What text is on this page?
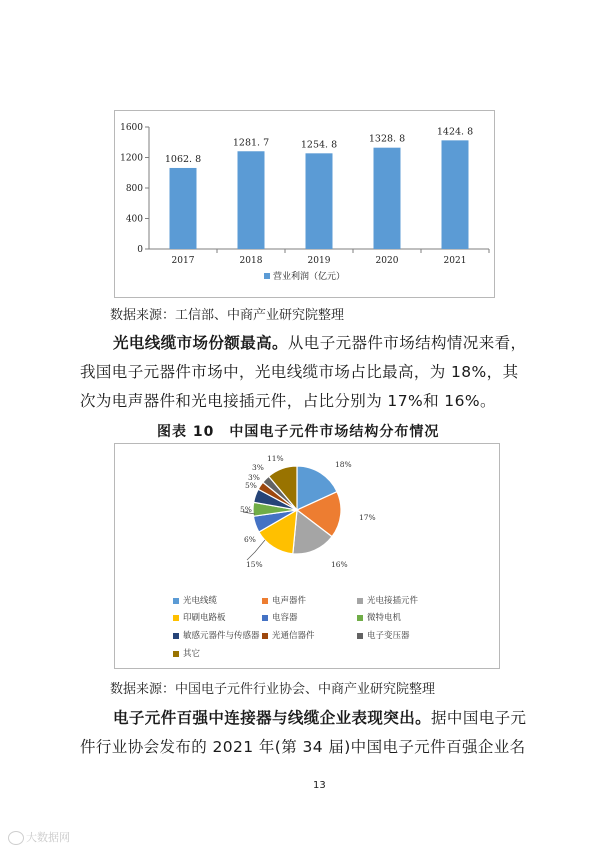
0
400
800
1200
1600
1062. 8
2017
1281. 7
2018
1254. 8
2019
1328. 8
2020
1424. 8
2021
营业利润（亿元）
数据来源：工信部、中商产业研究院整理
光电线缆市场份额最高。从电子元器件市场结构情况来看，
我国电子元器件市场中，光电线缆市场占比最高，为 18%，其
次为电声器件和光电接插元件，占比分别为 17%和 16%。
图表 10　中国电子元件市场结构分布情况
18%
17%
16%
15%
6%
5%
5%
3%
3%
11%
光电线缆	电声器件	光电接插元件
印刷电路板	电容器	微特电机
敏感元器件与传感器	光通信器件	电子变压器
其它
数据来源：中国电子元件行业协会、中商产业研究院整理
电子元件百强中连接器与线缆企业表现突出。据中国电子元
件行业协会发布的 2021 年(第 34 届)中国电子元件百强企业名
13
大数据网
